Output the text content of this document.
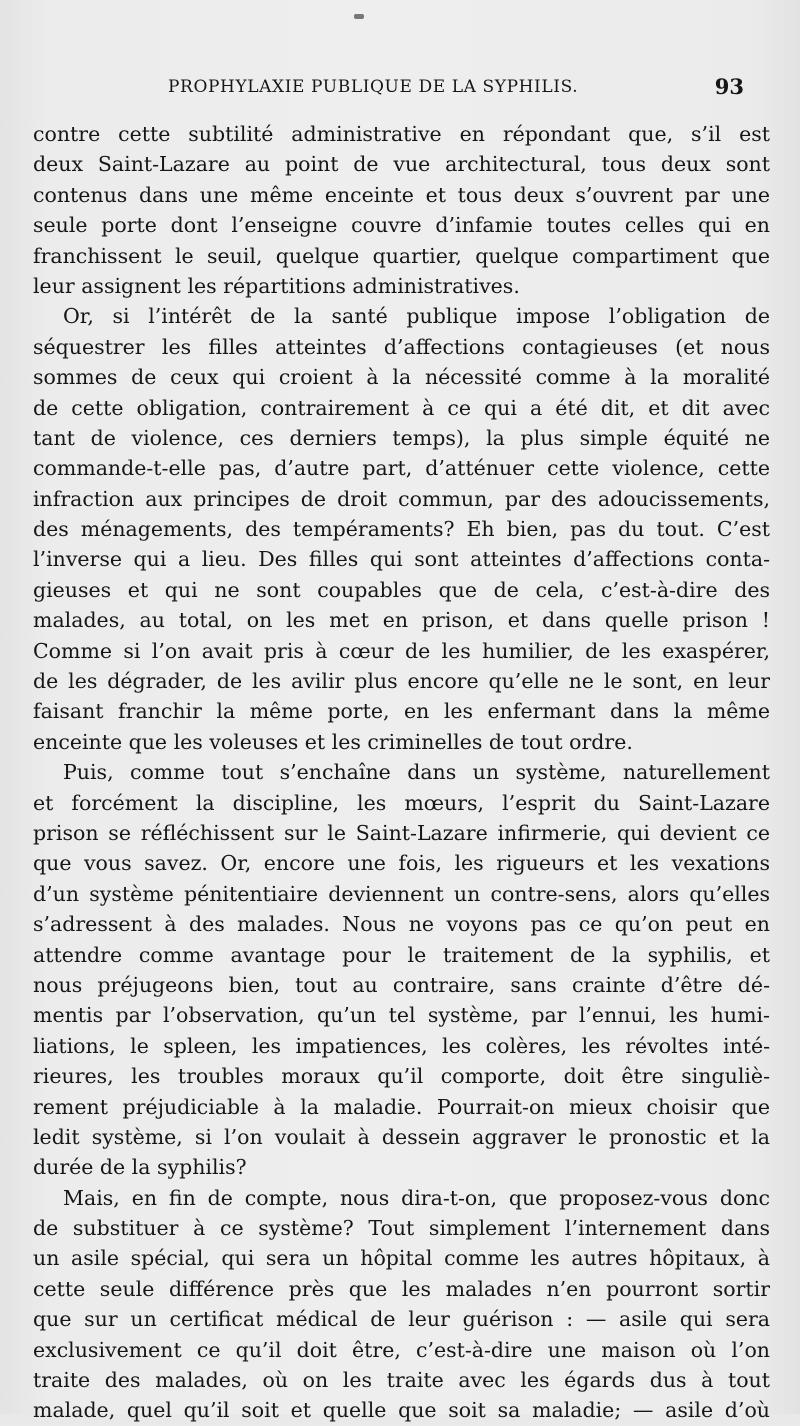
PROPHYLAXIE PUBLIQUE DE LA SYPHILIS.	93
contre cette subtilité administrative en répondant que, s’il est
deux Saint-Lazare au point de vue architectural, tous deux sont
contenus dans une même enceinte et tous deux s’ouvrent par une
seule porte dont l’enseigne couvre d’infamie toutes celles qui en
franchissent le seuil, quelque quartier, quelque compartiment que
leur assignent les répartitions administratives.
Or, si l’intérêt de la santé publique impose l’obligation de
séquestrer les filles atteintes d’affections contagieuses (et nous
sommes de ceux qui croient à la nécessité comme à la moralité
de cette obligation, contrairement à ce qui a été dit, et dit avec
tant de violence, ces derniers temps), la plus simple équité ne
commande-t-elle pas, d’autre part, d’atténuer cette violence, cette
infraction aux principes de droit commun, par des adoucissements,
des ménagements, des tempéraments? Eh bien, pas du tout. C’est
l’inverse qui a lieu. Des filles qui sont atteintes d’affections conta-
gieuses et qui ne sont coupables que de cela, c’est-à-dire des
malades, au total, on les met en prison, et dans quelle prison !
Comme si l’on avait pris à cœur de les humilier, de les exaspérer,
de les dégrader, de les avilir plus encore qu’elle ne le sont, en leur
faisant franchir la même porte, en les enfermant dans la même
enceinte que les voleuses et les criminelles de tout ordre.
Puis, comme tout s’enchaîne dans un système, naturellement
et forcément la discipline, les mœurs, l’esprit du Saint-Lazare
prison se réfléchissent sur le Saint-Lazare infirmerie, qui devient ce
que vous savez. Or, encore une fois, les rigueurs et les vexations
d’un système pénitentiaire deviennent un contre-sens, alors qu’elles
s’adressent à des malades. Nous ne voyons pas ce qu’on peut en
attendre comme avantage pour le traitement de la syphilis, et
nous préjugeons bien, tout au contraire, sans crainte d’être dé-
mentis par l’observation, qu’un tel système, par l’ennui, les humi-
liations, le spleen, les impatiences, les colères, les révoltes inté-
rieures, les troubles moraux qu’il comporte, doit être singuliè-
rement préjudiciable à la maladie. Pourrait-on mieux choisir que
ledit système, si l’on voulait à dessein aggraver le pronostic et la
durée de la syphilis?
Mais, en fin de compte, nous dira-t-on, que proposez-vous donc
de substituer à ce système? Tout simplement l’internement dans
un asile spécial, qui sera un hôpital comme les autres hôpitaux, à
cette seule différence près que les malades n’en pourront sortir
que sur un certificat médical de leur guérison : — asile qui sera
exclusivement ce qu’il doit être, c’est-à-dire une maison où l’on
traite des malades, où on les traite avec les égards dus à tout
malade, quel qu’il soit et quelle que soit sa maladie; — asile d’où
